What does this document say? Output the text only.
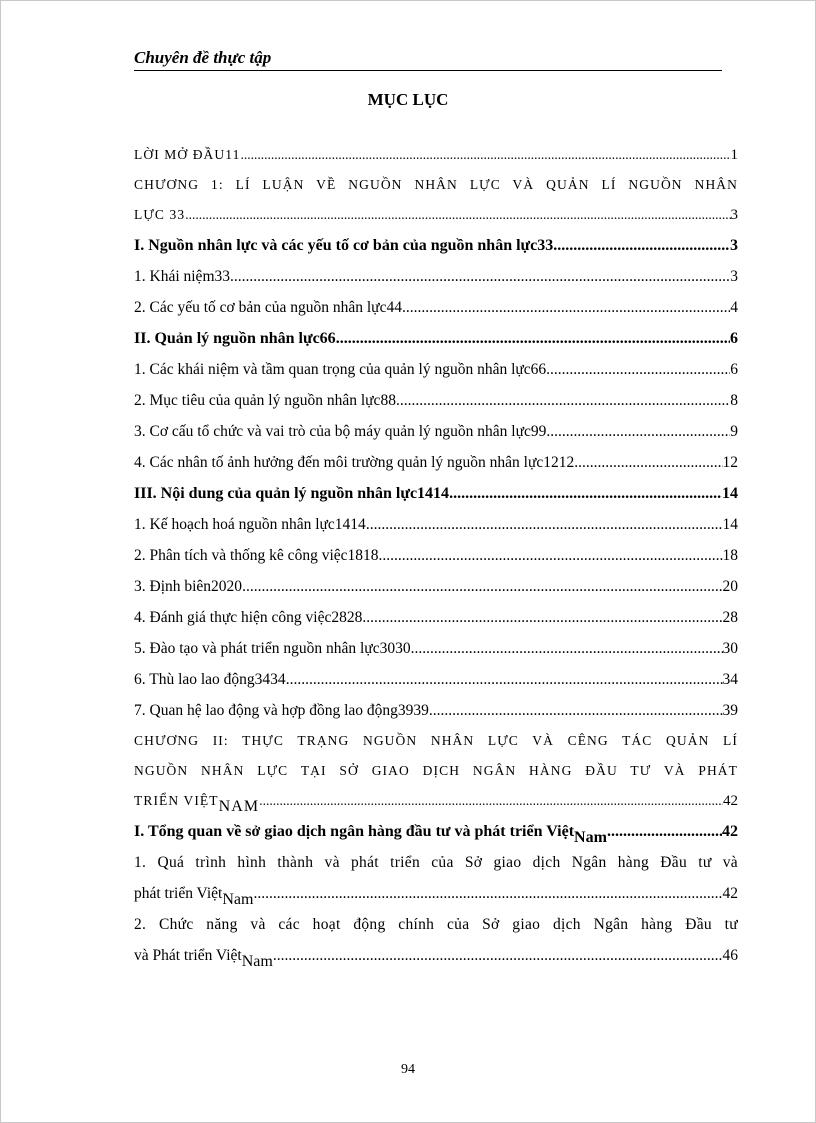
Chuyên đề thực tập
MỤC LỤC
LỜI MỞ ĐẦU11 .....	1
CHƯƠNG 1: LÍ LUẬN VỀ NGUỒN NHÂN LỰC VÀ QUẢN LÍ NGUỒN NHÂN
LỰC 33 .....	3
I. Nguồn nhân lực và các yếu tố cơ bản của nguồn nhân lực33 .....	3
1. Khái niệm33 .....	3
2. Các yếu tố cơ bản của nguồn nhân lực44 .....	4
II. Quản lý nguồn nhân lực66 .....	6
1. Các khái niệm và tầm quan trọng của quản lý nguồn nhân lực66 .....	6
2. Mục tiêu của quản lý nguồn nhân lực88 .....	8
3. Cơ cấu tổ chức và vai trò của bộ máy quản lý nguồn nhân lực99 .....	9
4. Các nhân tố ảnh hưởng đến môi trường quản lý nguồn nhân lực1212 .....	12
III. Nội dung của quản lý nguồn nhân lực1414 .....	14
1. Kế hoạch hoá nguồn nhân lực1414 .....	14
2. Phân tích và thống kê công việc1818 .....	18
3. Định biên2020 .....	20
4. Đánh giá thực hiện công việc2828 .....	28
5. Đào tạo và phát triển nguồn nhân lực3030 .....	30
6. Thù lao lao động3434 .....	34
7. Quan hệ lao động và hợp đồng lao động3939 .....	39
CHƯƠNG II: THỰC TRẠNG NGUỒN NHÂN LỰC VÀ CÊNG TÁC QUẢN LÍ
NGUỒN NHÂN LỰC TẠI SỞ GIAO DỊCH NGÂN HÀNG ĐẦU TƯ VÀ PHÁT
TRIỂN VIỆT NAM .....	42
I. Tổng quan về sở giao dịch ngân hàng đầu tư và phát triển Việt Nam .....	42
1. Quá trình hình thành và phát triển của Sở giao dịch Ngân hàng Đầu tư và
phát triển Việt Nam .....	42
2. Chức năng và các hoạt động chính của Sở giao dịch Ngân hàng Đầu tư
và Phát triển Việt Nam .....	46
94
